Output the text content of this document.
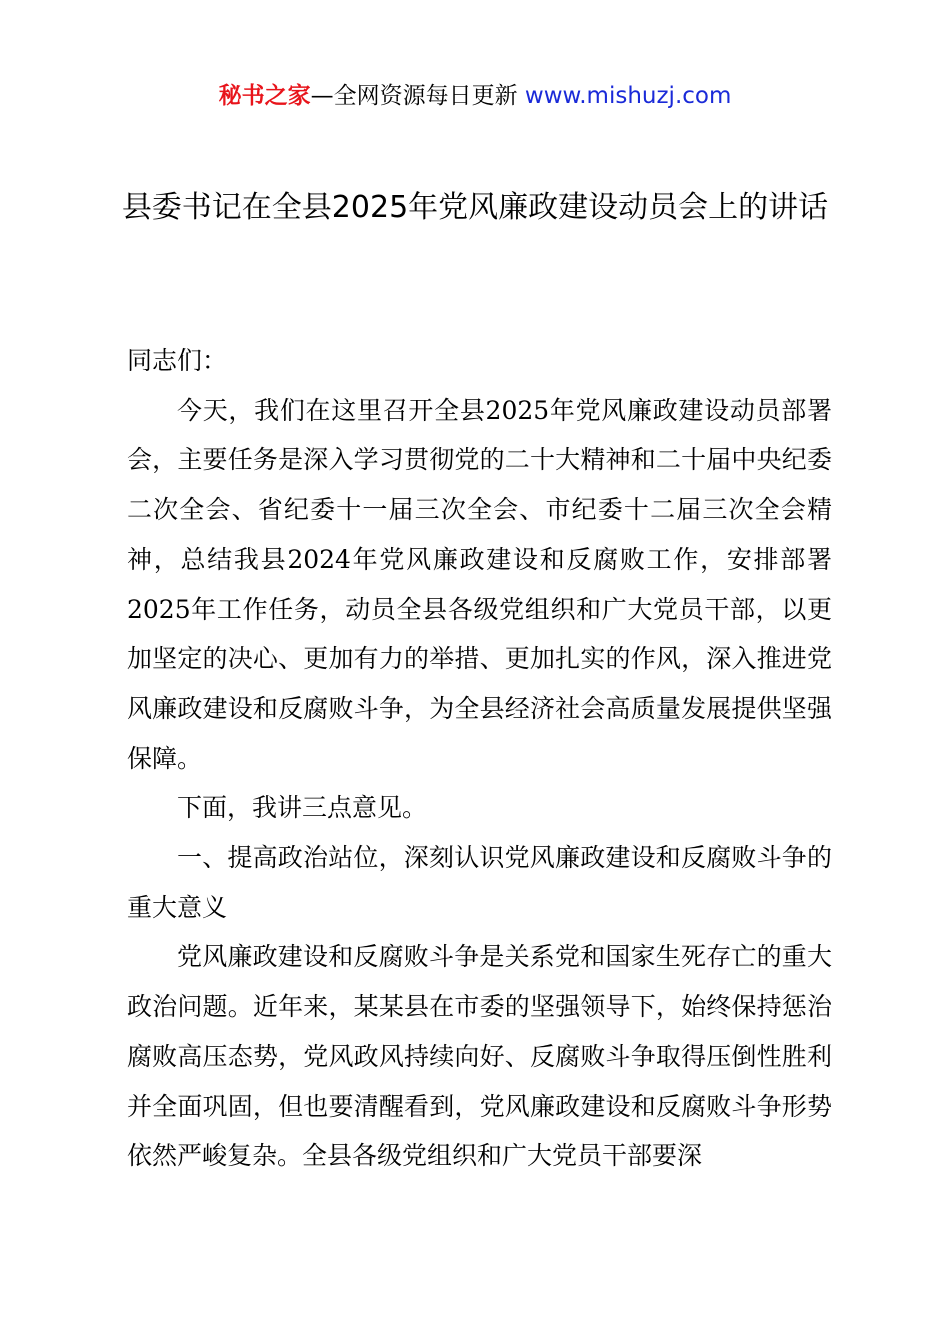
秘书之家—全网资源每日更新 www.mishuzj.com
县委书记在全县2025年党风廉政建设动员会上的讲话

同志们：

今天，我们在这里召开全县2025年党风廉政建设动员部署会，主要任务是深入学习贯彻党的二十大精神和二十届中央纪委二次全会、省纪委十一届三次全会、市纪委十二届三次全会精神，总结我县2024年党风廉政建设和反腐败工作，安排部署2025年工作任务，动员全县各级党组织和广大党员干部，以更加坚定的决心、更加有力的举措、更加扎实的作风，深入推进党风廉政建设和反腐败斗争，为全县经济社会高质量发展提供坚强保障。

下面，我讲三点意见。

一、提高政治站位，深刻认识党风廉政建设和反腐败斗争的重大意义

党风廉政建设和反腐败斗争是关系党和国家生死存亡的重大政治问题。近年来，某某县在市委的坚强领导下，始终保持惩治腐败高压态势，党风政风持续向好、反腐败斗争取得压倒性胜利并全面巩固，但也要清醒看到，党风廉政建设和反腐败斗争形势依然严峻复杂。全县各级党组织和广大党员干部要深
